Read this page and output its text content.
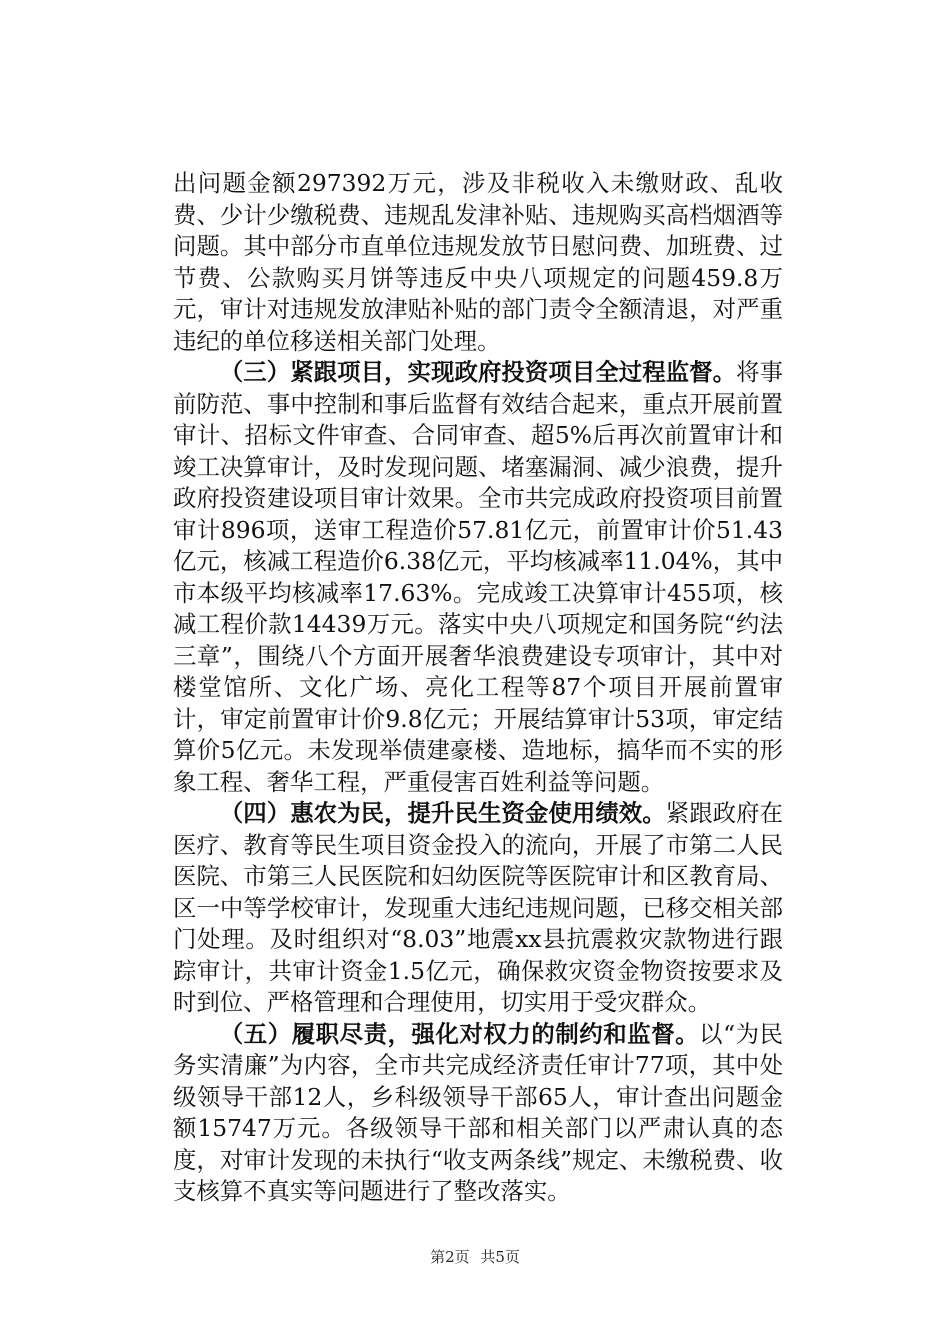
出问题金额297392万元，涉及非税收入未缴财政、乱收费、少计少缴税费、违规乱发津补贴、违规购买高档烟酒等问题。其中部分市直单位违规发放节日慰问费、加班费、过节费、公款购买月饼等违反中央八项规定的问题459.8万元，审计对违规发放津贴补贴的部门责令全额清退，对严重违纪的单位移送相关部门处理。

（三）紧跟项目，实现政府投资项目全过程监督。将事前防范、事中控制和事后监督有效结合起来，重点开展前置审计、招标文件审查、合同审查、超5%后再次前置审计和竣工决算审计，及时发现问题、堵塞漏洞、减少浪费，提升政府投资建设项目审计效果。全市共完成政府投资项目前置审计896项，送审工程造价57.81亿元，前置审计价51.43亿元，核减工程造价6.38亿元，平均核减率11.04%，其中市本级平均核减率17.63%。完成竣工决算审计455项，核减工程价款14439万元。落实中央八项规定和国务院“约法三章”，围绕八个方面开展奢华浪费建设专项审计，其中对楼堂馆所、文化广场、亮化工程等87个项目开展前置审计，审定前置审计价9.8亿元；开展结算审计53项，审定结算价5亿元。未发现举债建豪楼、造地标，搞华而不实的形象工程、奢华工程，严重侵害百姓利益等问题。

（四）惠农为民，提升民生资金使用绩效。紧跟政府在医疗、教育等民生项目资金投入的流向，开展了市第二人民医院、市第三人民医院和妇幼医院等医院审计和区教育局、区一中等学校审计，发现重大违纪违规问题，已移交相关部门处理。及时组织对“8.03”地震xx县抗震救灾款物进行跟踪审计，共审计资金1.5亿元，确保救灾资金物资按要求及时到位、严格管理和合理使用，切实用于受灾群众。

（五）履职尽责，强化对权力的制约和监督。以“为民务实清廉”为内容，全市共完成经济责任审计77项，其中处级领导干部12人，乡科级领导干部65人，审计查出问题金额15747万元。各级领导干部和相关部门以严肃认真的态度，对审计发现的未执行“收支两条线”规定、未缴税费、收支核算不真实等问题进行了整改落实。

第2页 共5页
